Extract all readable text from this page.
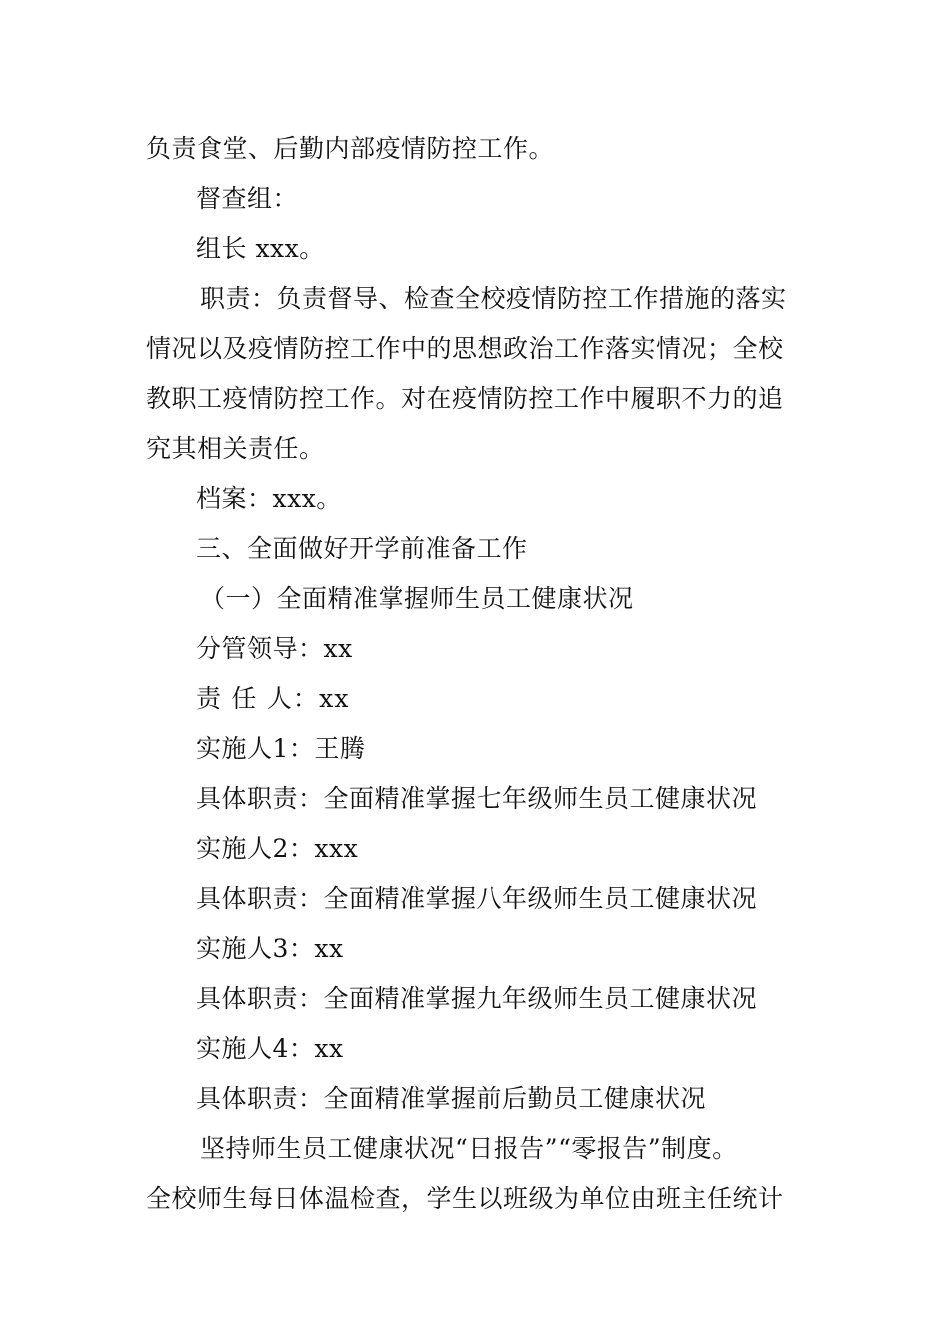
负责食堂、后勤内部疫情防控工作。
督查组：
组长 xxx。
职责：负责督导、检查全校疫情防控工作措施的落实
情况以及疫情防控工作中的思想政治工作落实情况；全校
教职工疫情防控工作。对在疫情防控工作中履职不力的追
究其相关责任。
档案：xxx。
三、全面做好开学前准备工作
（一）全面精准掌握师生员工健康状况
分管领导：xx
责 任 人：xx
实施人1：王腾
具体职责：全面精准掌握七年级师生员工健康状况
实施人2：xxx
具体职责：全面精准掌握八年级师生员工健康状况
实施人3：xx
具体职责：全面精准掌握九年级师生员工健康状况
实施人4：xx
具体职责：全面精准掌握前后勤员工健康状况
坚持师生员工健康状况“日报告”“零报告”制度。
全校师生每日体温检查，学生以班级为单位由班主任统计
